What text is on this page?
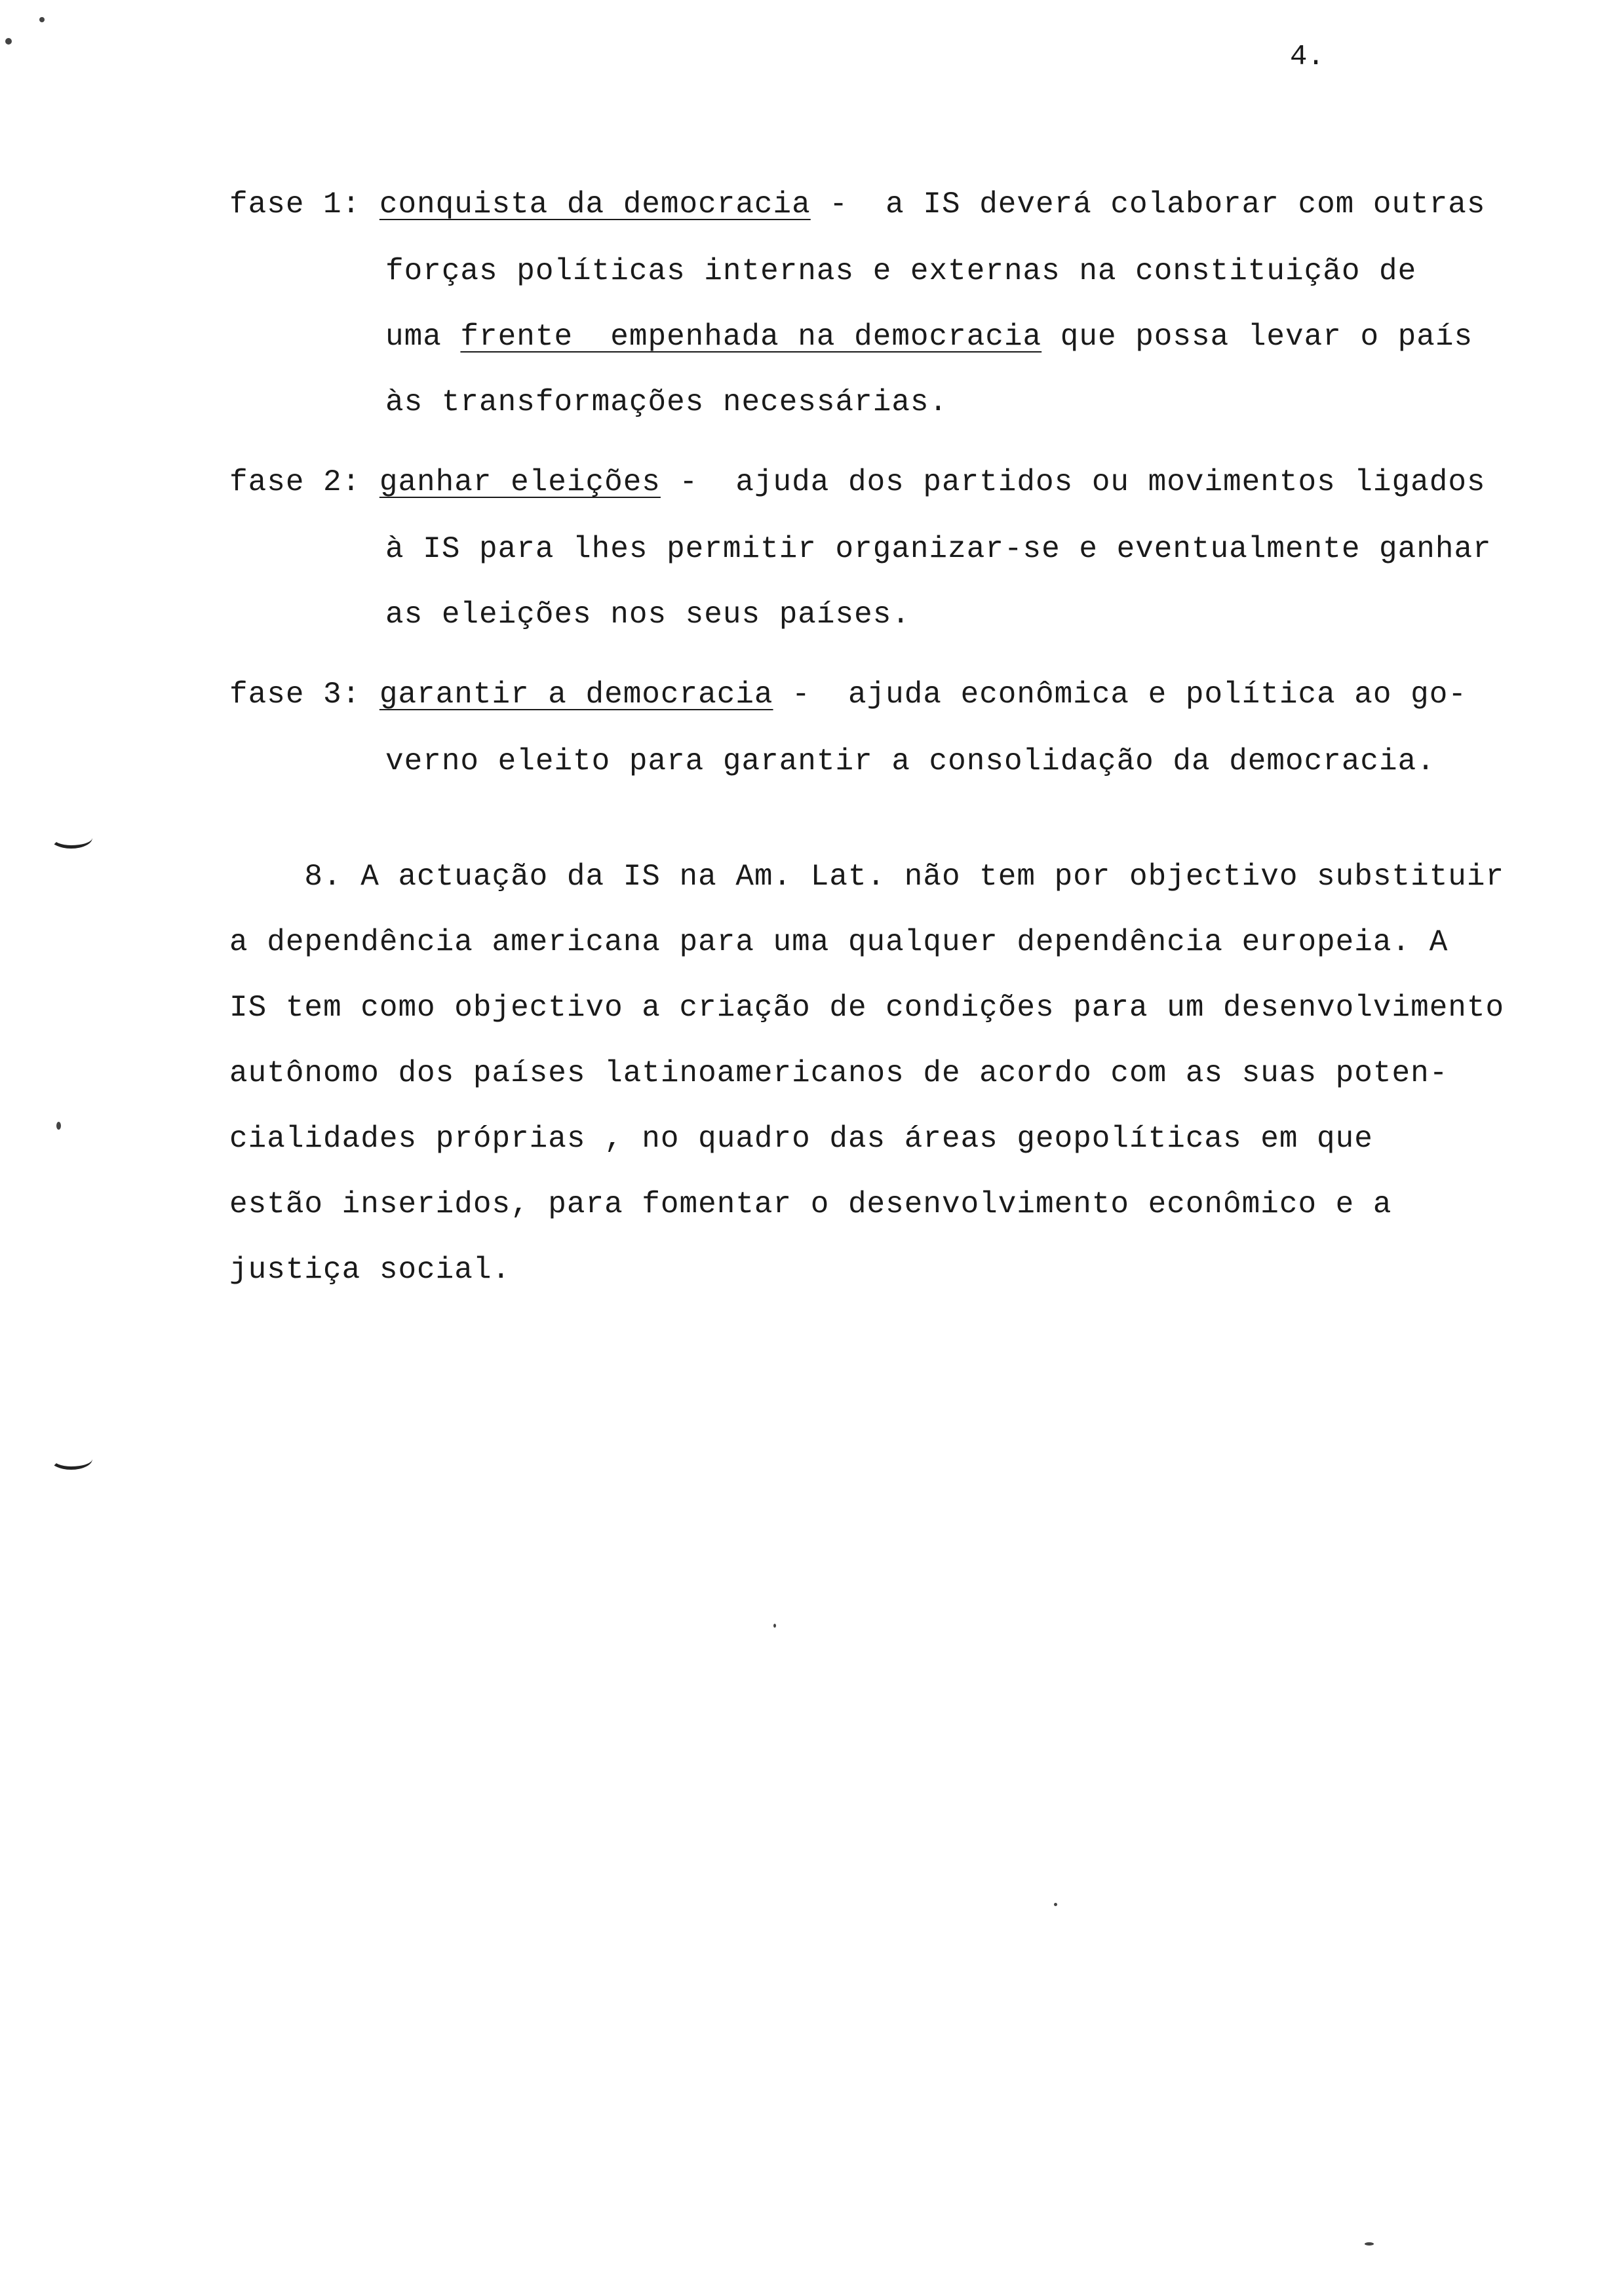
4.
fase 1: conquista da democracia -  a IS deverá colaborar com outras
forças políticas internas e externas na constituição de
uma frente  empenhada na democracia que possa levar o país
às transformações necessárias.
fase 2: ganhar eleições -  ajuda dos partidos ou movimentos ligados
à IS para lhes permitir organizar-se e eventualmente ganhar
as eleições nos seus países.
fase 3: garantir a democracia -  ajuda econômica e política ao go-
verno eleito para garantir a consolidação da democracia.
8. A actuação da IS na Am. Lat. não tem por objectivo substituir
a dependência americana para uma qualquer dependência europeia. A
IS tem como objectivo a criação de condições para um desenvolvimento
autônomo dos países latinoamericanos de acordo com as suas poten-
cialidades próprias , no quadro das áreas geopolíticas em que
estão inseridos, para fomentar o desenvolvimento econômico e a
justiça social.
